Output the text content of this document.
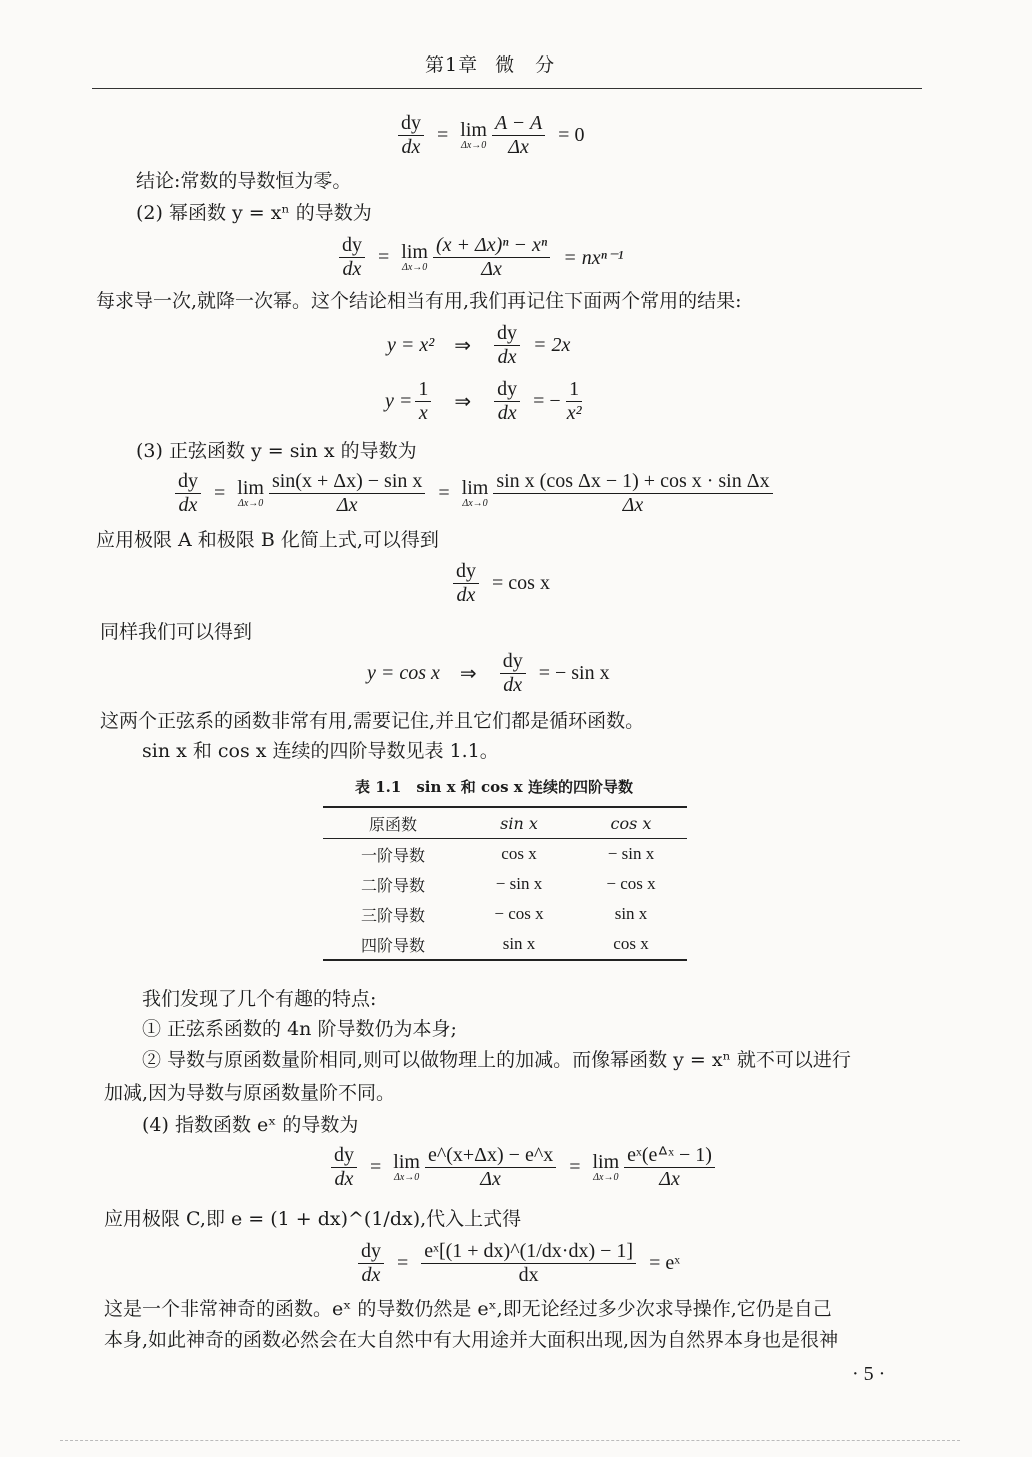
第1章 微　分
$\frac{dy}{dx} = \lim$
$\Delta x\to 0 \frac{A - A}{\Delta x} = 0$
结论:常数的导数恒为零。
(2) 幂函数 y = xⁿ 的导数为
$\frac{dy}{dx} = \lim$
$\Delta x\to 0 \frac{\text{(x + Δx)ⁿ − xⁿ}}{\Delta x} = nx^{n-1}$
每求导一次,就降一次幂。这个结论相当有用,我们再记住下面两个常用的结果:
y = x² ⇒ $\frac{dy}{dx} = 2x$
$y = \frac{1}{x}$ ⇒ $\frac{dy}{dx}$ = − $\frac{1}{\text{x²}}$
(3) 正弦函数 y = sin x 的导数为
$\frac{dy}{dx} = \lim$
$\Delta x\to 0 \frac{\text{sin(x + Δx) − sin x}}{\Delta x} = \lim$
$\Delta x\to 0 \frac{\text{sin x (cos Δx − 1) + cos x · sin Δx}}{\Delta x}$
应用极限 A 和极限 B 化简上式,可以得到
$\frac{dy}{dx} = \cos x$
同样我们可以得到
y = cos x ⇒ $\frac{dy}{dx}$ = − sin x
这两个正弦系的函数非常有用,需要记住,并且它们都是循环函数。
sin x 和 cos x 连续的四阶导数见表 1.1。
表 1.1　sin x 和 cos x 连续的四阶导数
原函数	sin x	cos x
一阶导数	cos x	− sin x
二阶导数	− sin x	− cos x
三阶导数	− cos x	sin x
四阶导数	sin x	cos x
我们发现了几个有趣的特点:
① 正弦系函数的 4n 阶导数仍为本身;
② 导数与原函数量阶相同,则可以做物理上的加减。而像幂函数 y = xⁿ 就不可以进行
加减,因为导数与原函数量阶不同。
(4) 指数函数 eˣ 的导数为
$\frac{dy}{dx} = \lim$
$\Delta x\to 0 \frac{e\^{}(x+\Delta x) - e\^{}x}{\Delta x} = \lim$
$\Delta x\to 0 \frac{\text{eˣ(eᐞˣ − 1)}}{\Delta x}$
应用极限 C,即 e = (1 + dx)^(1/dx),代入上式得
$\frac{dy}{dx} = \frac{\text{eˣ[(1 + dx)\textasciicircum{}(1/dx·dx) − 1]}}{dx}$ = eˣ
这是一个非常神奇的函数。eˣ 的导数仍然是 eˣ,即无论经过多少次求导操作,它仍是自己
本身,如此神奇的函数必然会在大自然中有大用途并大面积出现,因为自然界本身也是很神
· 5 ·
